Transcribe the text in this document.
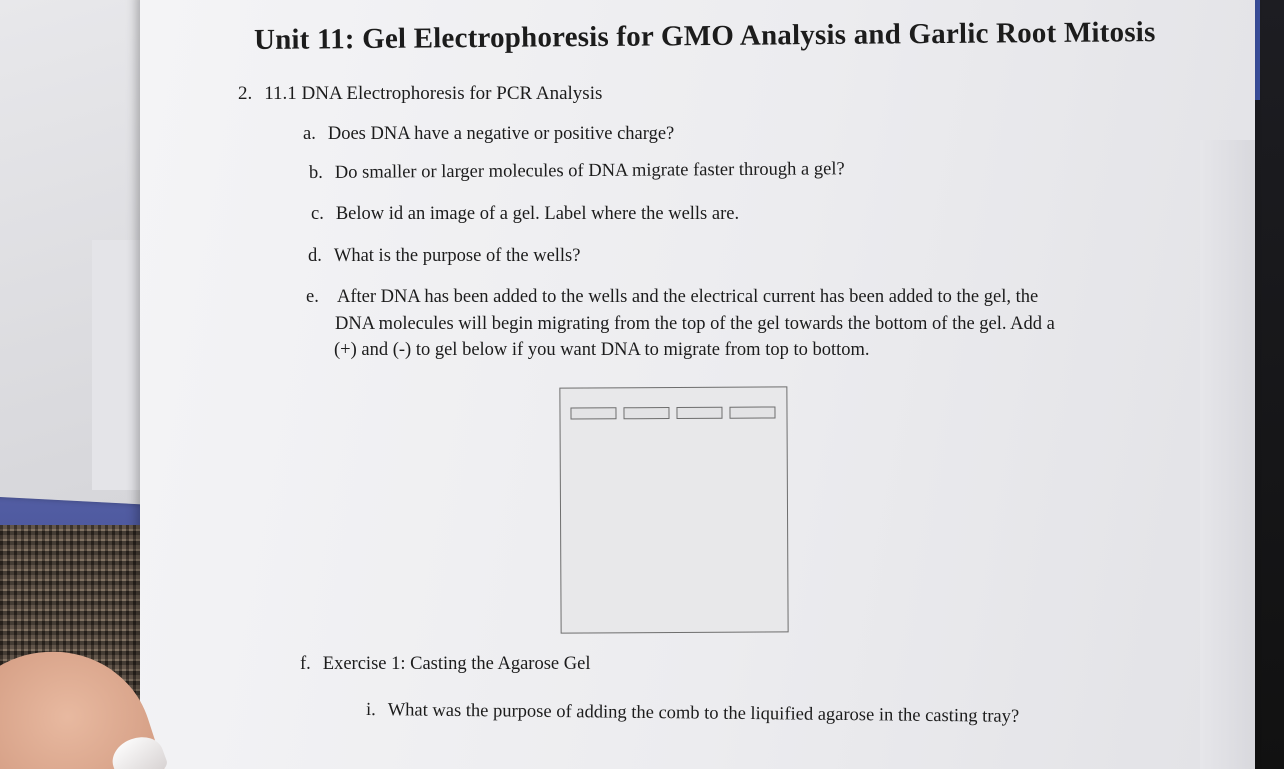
Unit 11: Gel Electrophoresis for GMO Analysis and Garlic Root Mitosis
2. 11.1 DNA Electrophoresis for PCR Analysis
a. Does DNA have a negative or positive charge?
b. Do smaller or larger molecules of DNA migrate faster through a gel?
c. Below id an image of a gel. Label where the wells are.
d. What is the purpose of the wells?
e. After DNA has been added to the wells and the electrical current has been added to the gel, the
DNA molecules will begin migrating from the top of the gel towards the bottom of the gel. Add a
(+) and (-) to gel below if you want DNA to migrate from top to bottom.
f. Exercise 1: Casting the Agarose Gel
i. What was the purpose of adding the comb to the liquified agarose in the casting tray?
